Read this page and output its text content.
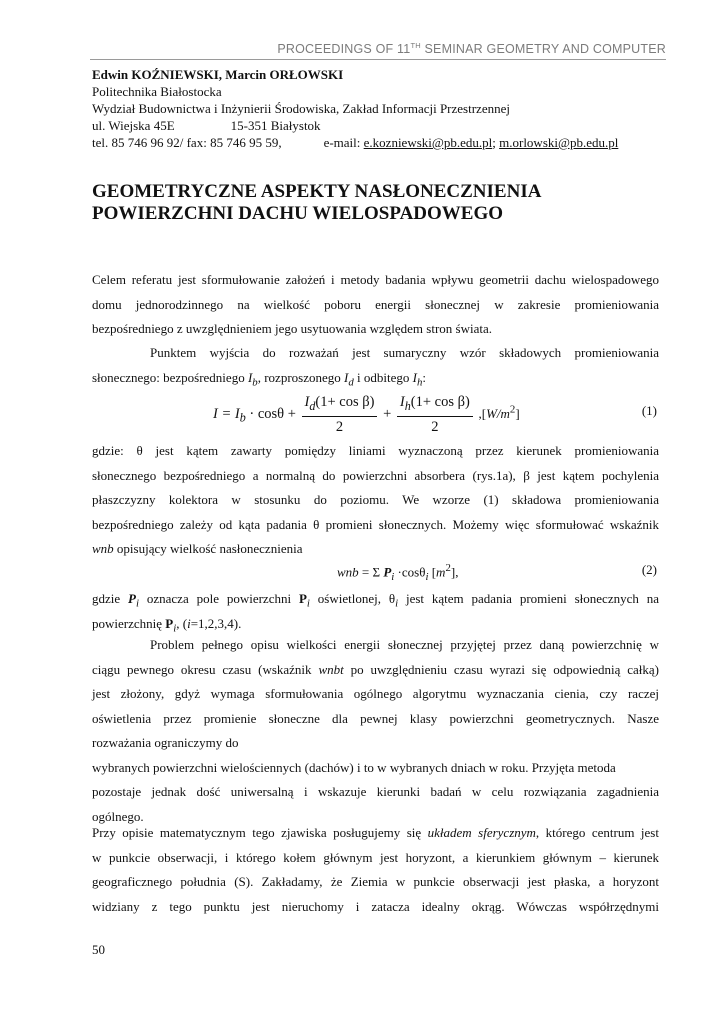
PROCEEDINGS OF 11TH SEMINAR GEOMETRY AND COMPUTER
Edwin KOŹNIEWSKI, Marcin ORŁOWSKI
Politechnika Białostocka
Wydział Budownictwa i Inżynierii Środowiska, Zakład Informacji Przestrzennej
ul. Wiejska 45E	15-351 Białystok
tel. 85 746 96 92/ fax: 85 746 95 59,	e-mail: e.kozniewski@pb.edu.pl; m.orlowski@pb.edu.pl
GEOMETRYCZNE ASPEKTY NASŁONECZNIENIA
POWIERZCHNI DACHU WIELOSPADOWEGO
Celem referatu jest sformułowanie założeń i metody badania wpływu geometrii dachu wielospadowego
domu jednorodzinnego na wielkość poboru energii słonecznej w zakresie promieniowania
bezpośredniego z uwzględnieniem jego usytuowania względem stron świata.
Punktem wyjścia do rozważań jest sumaryczny wzór składowych promieniowania
słonecznego: bezpośredniego $I_b$, rozproszonego $I_d$ i odbitego $I_h$:
$I = I_b \cdot \cos\theta + \frac{I_d(1+ \cos \beta)}{2} + \frac{I_h(1+ \cos \beta)}{2} ,[W/m^2]$	(1)
gdzie: θ jest kątem zawarty pomiędzy liniami wyznaczoną przez kierunek promieniowania
słonecznego bezpośredniego a normalną do powierzchni absorbera (rys.1a), β jest kątem pochylenia
płaszczyzny kolektora w stosunku do poziomu. We wzorze (1) składowa promieniowania
bezpośredniego zależy od kąta padania θ promieni słonecznych. Możemy więc sformułować wskaźnik
wnb opisujący wielkość nasłonecznienia
wnb = Σ $P_i \cdot\cos\theta_i$ $[m^2]$,	(2)
gdzie $P_i$ oznacza pole powierzchni $P_i$ oświetlonej, $\theta_i$ jest kątem padania promieni słonecznych na
powierzchnię $P_i$, (i=1,2,3,4).
Problem pełnego opisu wielkości energii słonecznej przyjętej przez daną powierzchnię w
ciągu pewnego okresu czasu (wskaźnik wnbt po uwzględnieniu czasu wyrazi się odpowiednią całką)
jest złożony, gdyż wymaga sformułowania ogólnego algorytmu wyznaczania cienia, czy raczej
oświetlenia przez promienie słoneczne dla pewnej klasy powierzchni geometrycznych. Nasze
rozważania ograniczymy do
wybranych powierzchni wielościennych (dachów) i to w wybranych dniach w roku. Przyjęta metoda
pozostaje jednak dość uniwersalną i wskazuje kierunki badań w celu rozwiązania zagadnienia
ogólnego.
Przy opisie matematycznym tego zjawiska posługujemy się układem sferycznym, którego centrum jest
w punkcie obserwacji, i którego kołem głównym jest horyzont, a kierunkiem głównym – kierunek
geograficznego południa (S). Zakładamy, że Ziemia w punkcie obserwacji jest płaska, a horyzont
widziany z tego punktu jest nieruchomy i zatacza idealny okrąg. Wówczas współrzędnymi
50
